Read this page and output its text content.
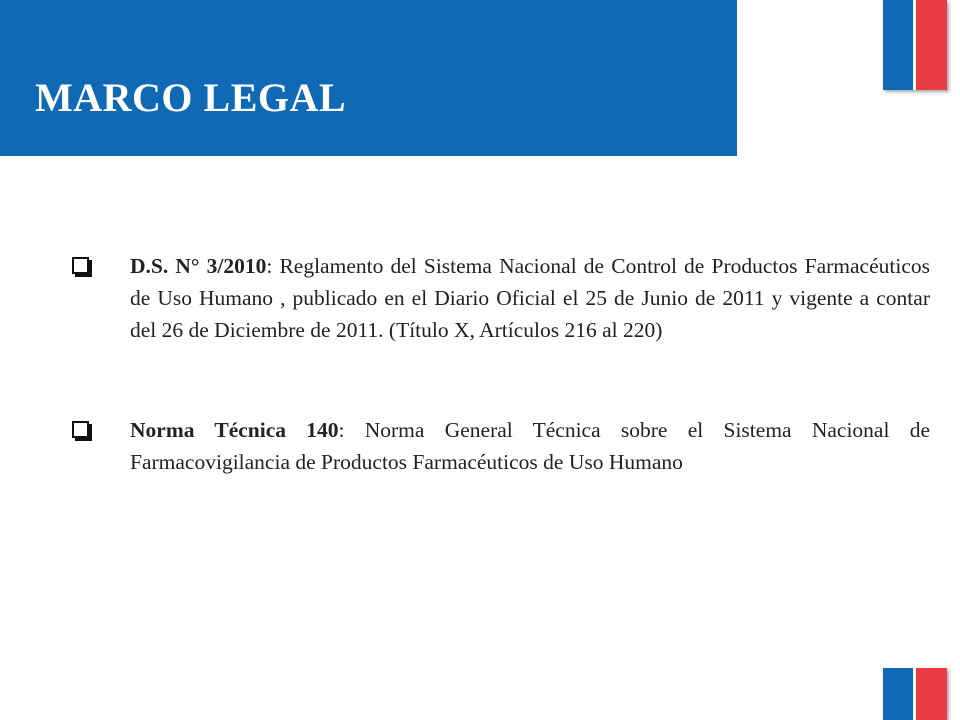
MARCO LEGAL

D.S. N° 3/2010: Reglamento del Sistema Nacional de Control de Productos Farmacéuticos de Uso Humano , publicado en el Diario Oficial el 25 de Junio de 2011 y vigente a contar del 26 de Diciembre de 2011. (Título X, Artículos 216 al 220)

Norma Técnica 140: Norma General Técnica sobre el Sistema Nacional de Farmacovigilancia de Productos Farmacéuticos de Uso Humano
